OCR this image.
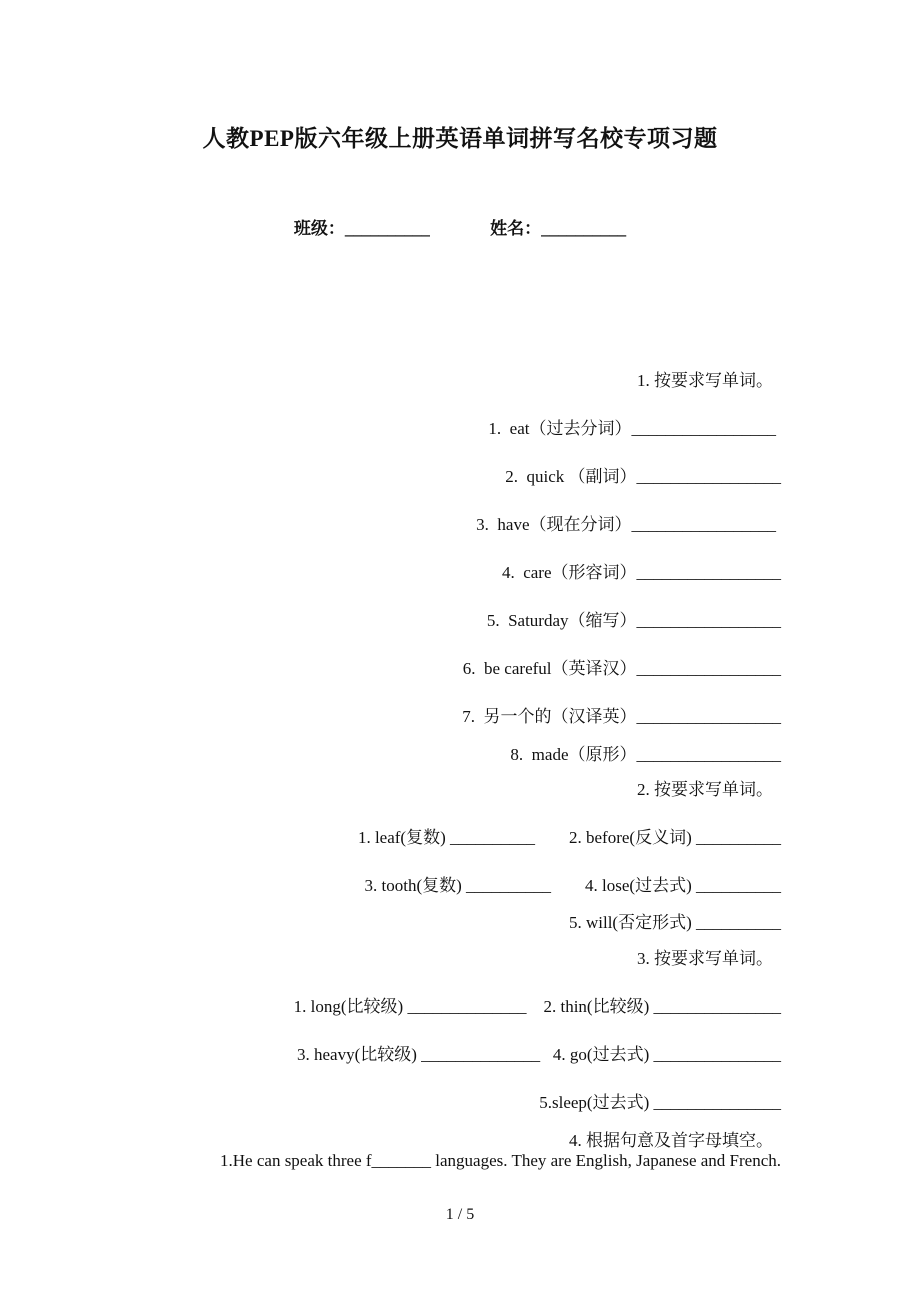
人教PEP版六年级上册英语单词拼写名校专项习题
班级：__________	姓名：__________
1. 按要求写单词。
1.  eat（过去分词）_________________
2.  quick （副词）_________________
3.  have（现在分词）_________________
4.  care（形容词）_________________
5.  Saturday（缩写）_________________
6.  be careful（英译汉）_________________
7.  另一个的（汉译英）_________________
8.  made（原形）_________________
2. 按要求写单词。
1. leaf(复数) __________        2. before(反义词) __________
3. tooth(复数) __________        4. lose(过去式) __________
5. will(否定形式) __________
3. 按要求写单词。
1. long(比较级) ______________    2. thin(比较级) _______________
3. heavy(比较级) ______________   4. go(过去式) _______________
5.sleep(过去式) _______________
4. 根据句意及首字母填空。
1.He can speak three f_______ languages. They are English, Japanese and French.
1 / 5
